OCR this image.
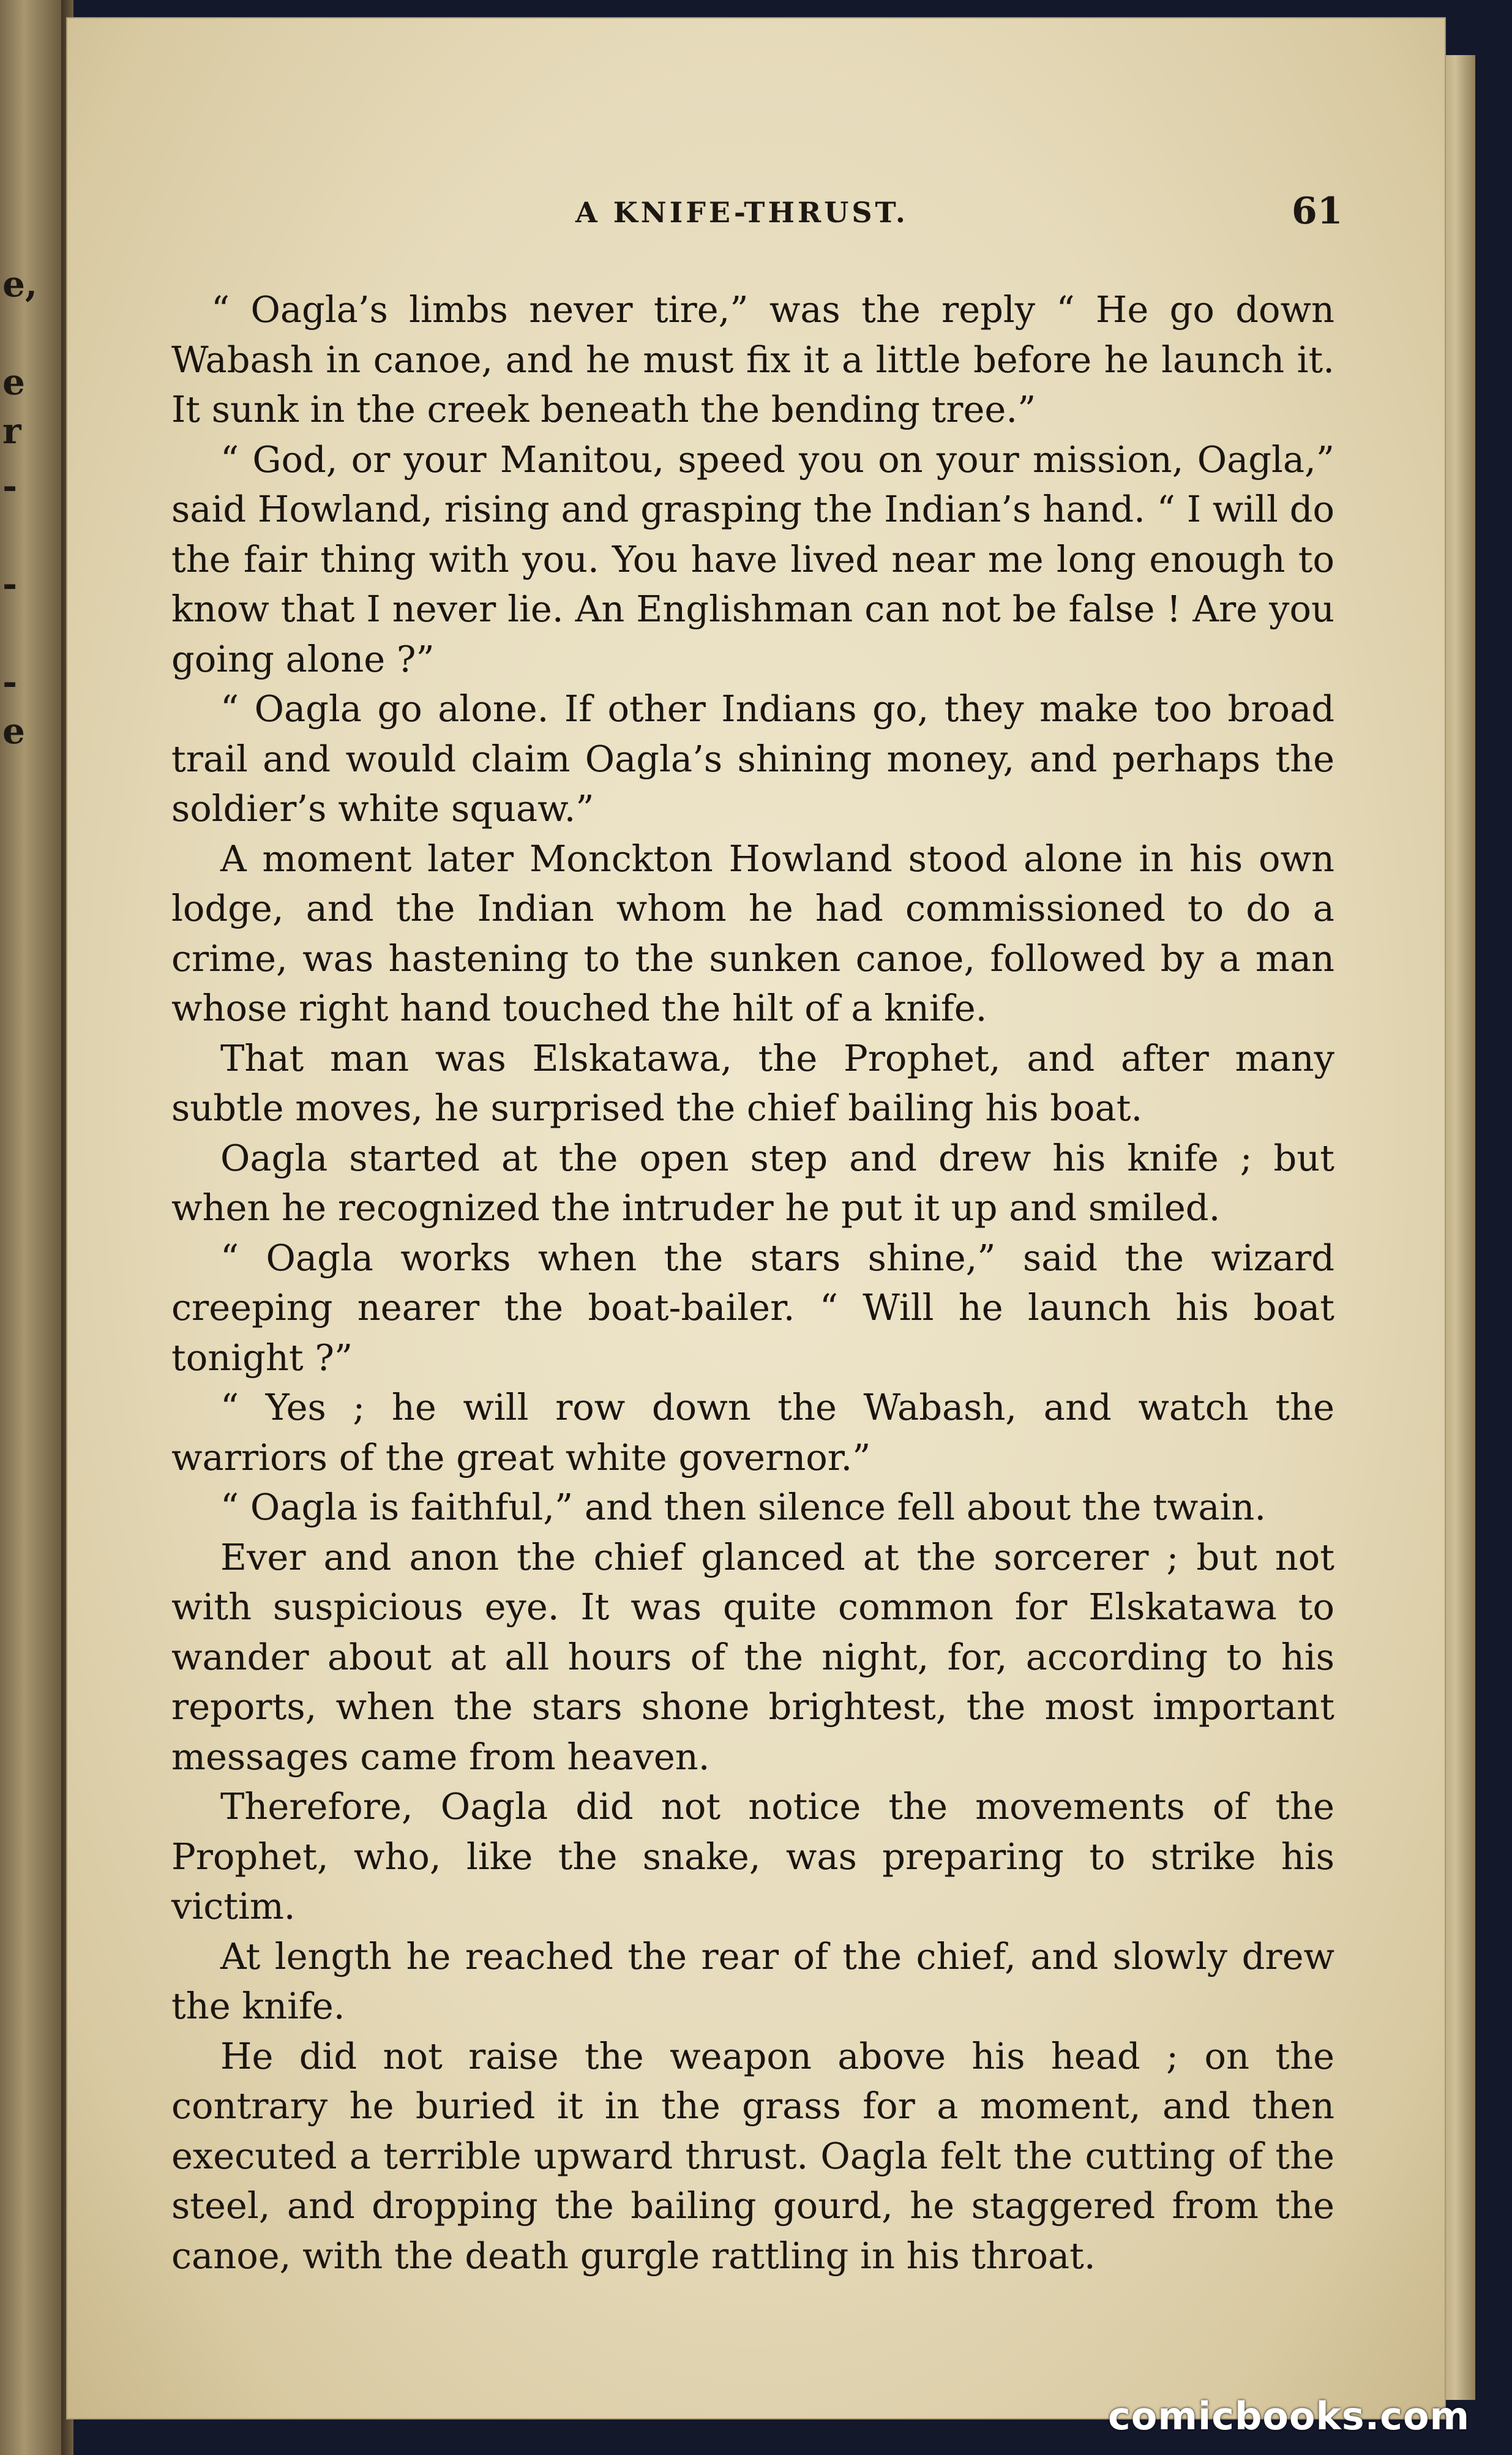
e,
e
r
-
-
-
e
A KNIFE-THRUST.	61

“ Oagla’s limbs never tire,” was the reply “ He go down Wabash in canoe, and he must fix it a little before he launch it. It sunk in the creek beneath the bending tree.”

“ God, or your Manitou, speed you on your mission, Oagla,” said Howland, rising and grasping the Indian’s hand. “ I will do the fair thing with you. You have lived near me long enough to know that I never lie. An Englishman can not be false ! Are you going alone ?”

“ Oagla go alone. If other Indians go, they make too broad trail and would claim Oagla’s shining money, and perhaps the soldier’s white squaw.”

A moment later Monckton Howland stood alone in his own lodge, and the Indian whom he had commissioned to do a crime, was hastening to the sunken canoe, followed by a man whose right hand touched the hilt of a knife.

That man was Elskatawa, the Prophet, and after many subtle moves, he surprised the chief bailing his boat.

Oagla started at the open step and drew his knife ; but when he recognized the intruder he put it up and smiled.

“ Oagla works when the stars shine,” said the wizard creeping nearer the boat-bailer. “ Will he launch his boat tonight ?”

“ Yes ; he will row down the Wabash, and watch the warriors of the great white governor.”

“ Oagla is faithful,” and then silence fell about the twain.

Ever and anon the chief glanced at the sorcerer ; but not with suspicious eye. It was quite common for Elskatawa to wander about at all hours of the night, for, according to his reports, when the stars shone brightest, the most important messages came from heaven.

Therefore, Oagla did not notice the movements of the Prophet, who, like the snake, was preparing to strike his victim.

At length he reached the rear of the chief, and slowly drew the knife.

He did not raise the weapon above his head ; on the contrary he buried it in the grass for a moment, and then executed a terrible upward thrust. Oagla felt the cutting of the steel, and dropping the bailing gourd, he staggered from the canoe, with the death gurgle rattling in his throat.

comicbooks.com
